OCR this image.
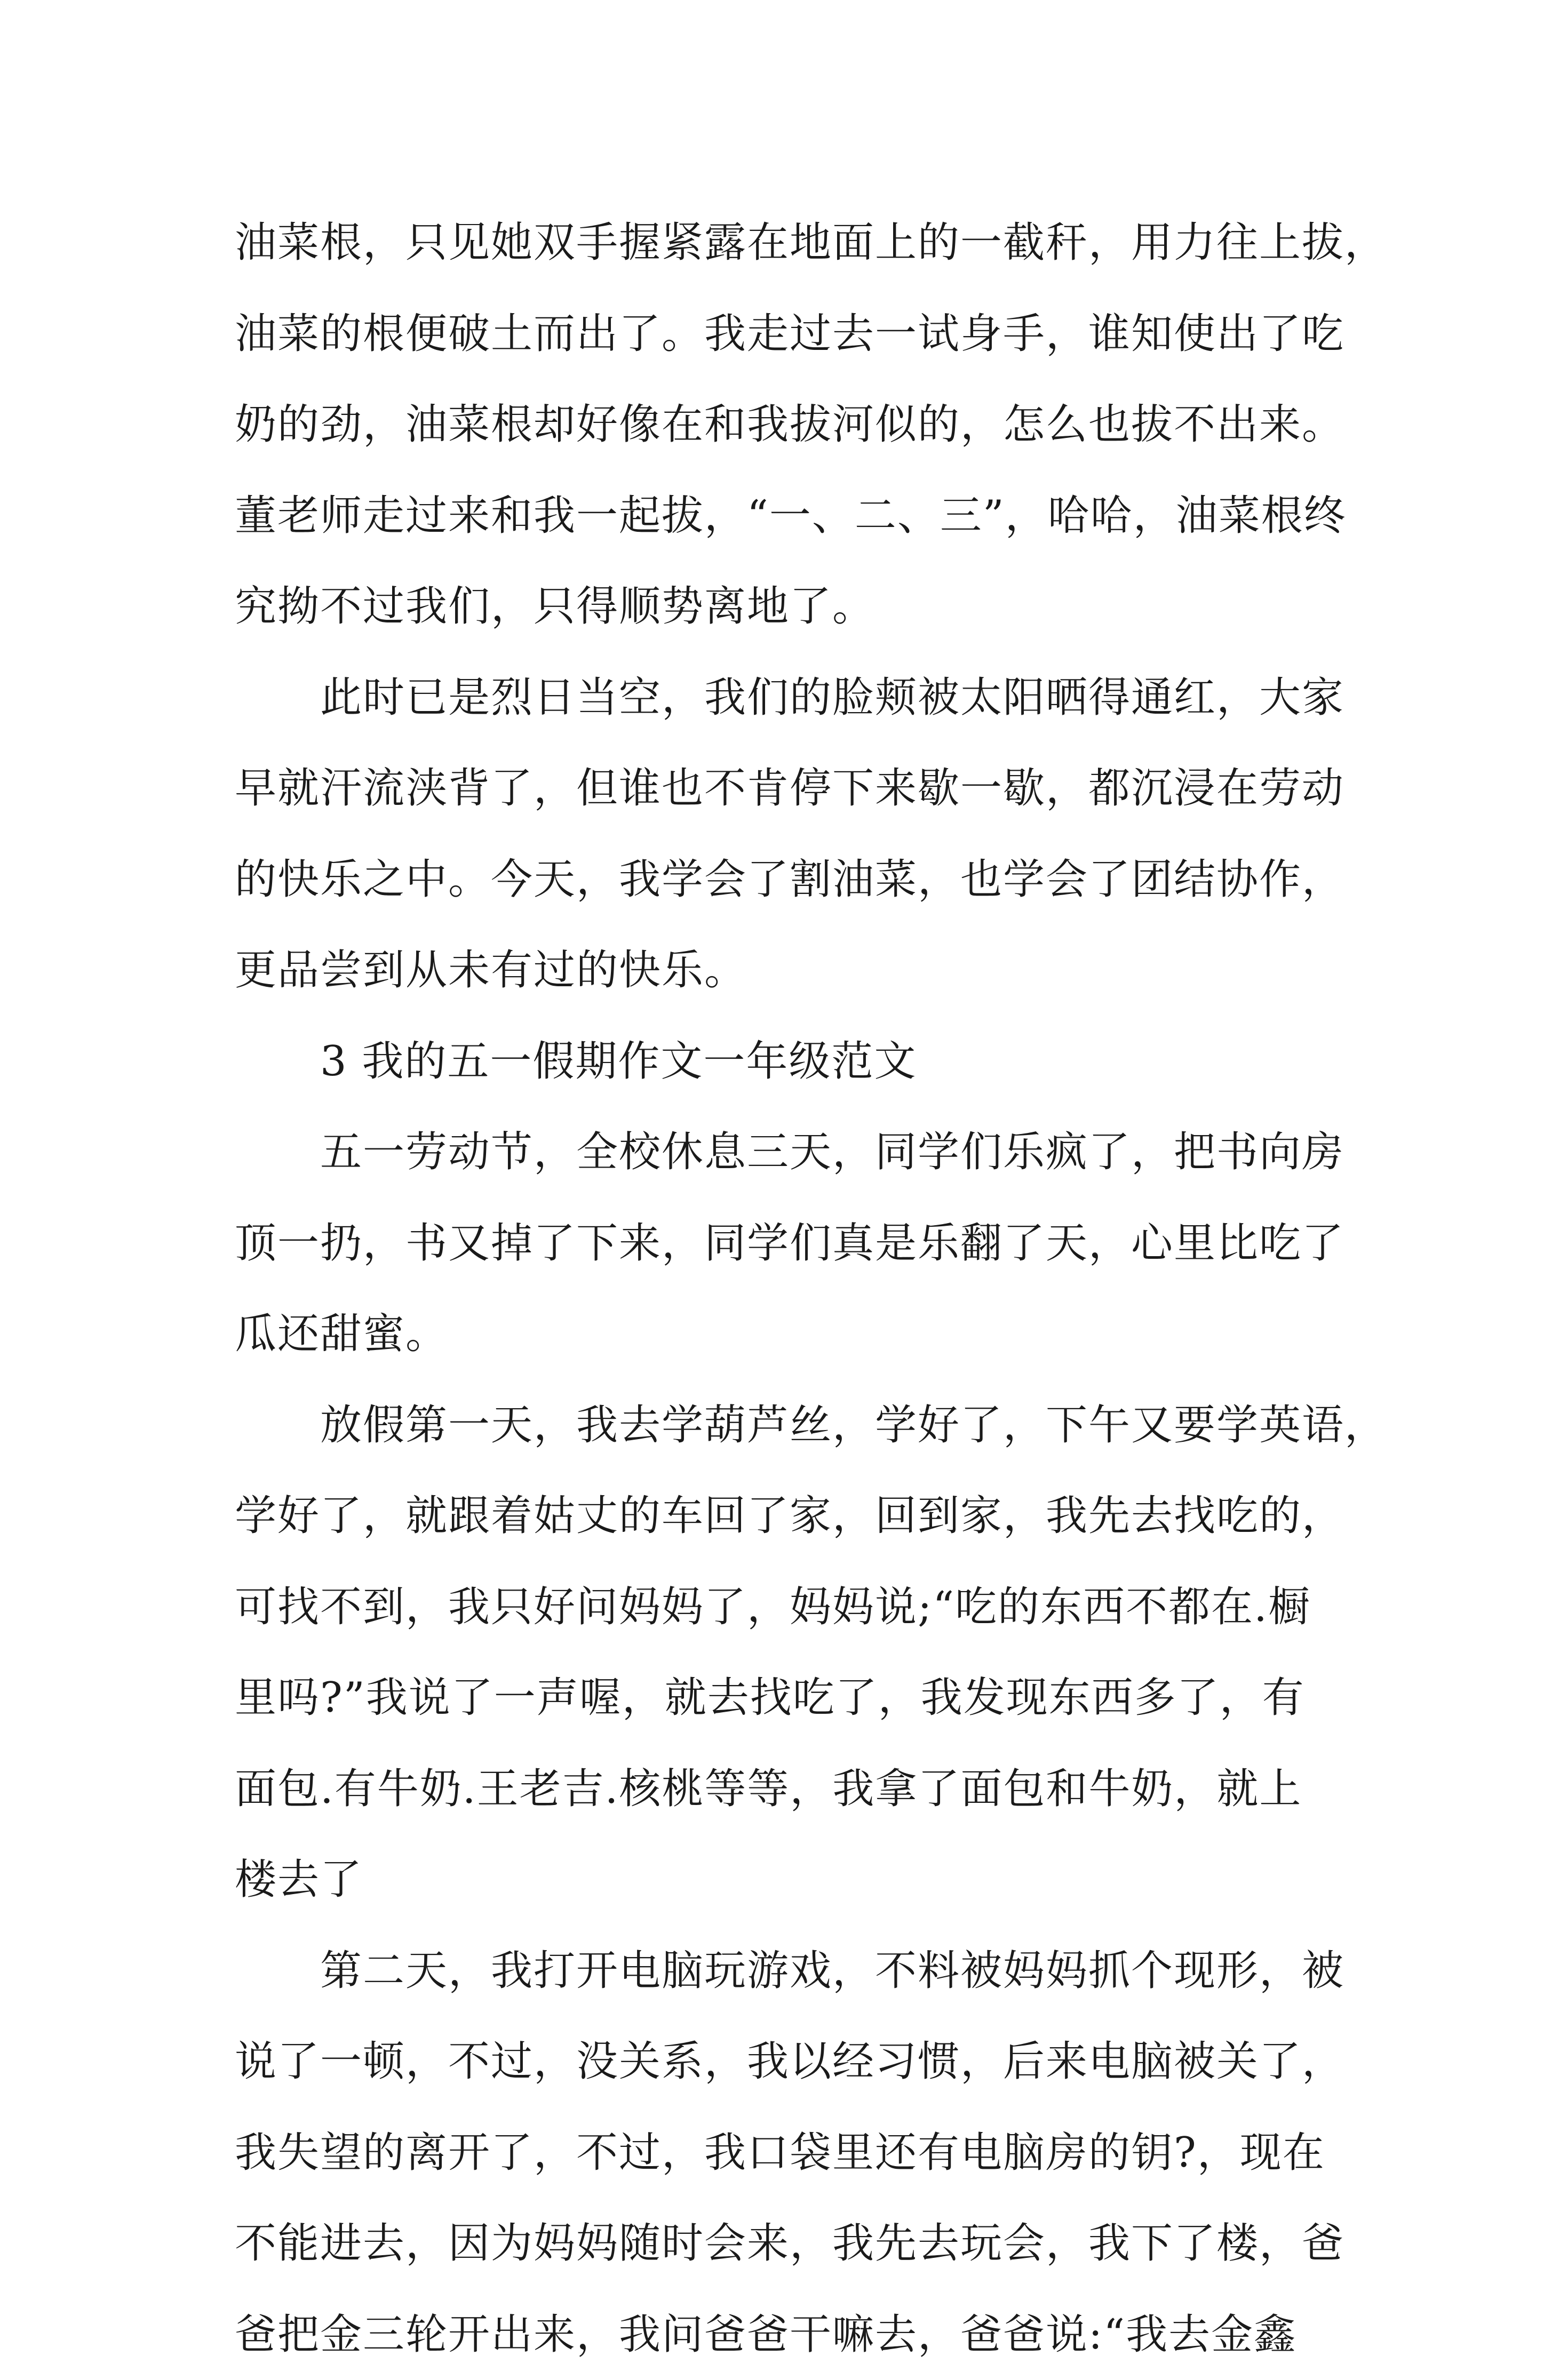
油菜根，只见她双手握紧露在地面上的一截秆，用力往上拔，
油菜的根便破土而出了。我走过去一试身手，谁知使出了吃
奶的劲，油菜根却好像在和我拔河似的，怎么也拔不出来。
董老师走过来和我一起拔，“一、二、三”，哈哈，油菜根终
究拗不过我们，只得顺势离地了。
此时已是烈日当空，我们的脸颊被太阳晒得通红，大家
早就汗流浃背了，但谁也不肯停下来歇一歇，都沉浸在劳动
的快乐之中。今天，我学会了割油菜，也学会了团结协作，
更品尝到从未有过的快乐。
3 我的五一假期作文一年级范文
五一劳动节，全校休息三天，同学们乐疯了，把书向房
顶一扔，书又掉了下来，同学们真是乐翻了天，心里比吃了
瓜还甜蜜。
放假第一天，我去学葫芦丝，学好了，下午又要学英语，
学好了，就跟着姑丈的车回了家，回到家，我先去找吃的，
可找不到，我只好问妈妈了，妈妈说;“吃的东西不都在.橱
里吗?”我说了一声喔，就去找吃了，我发现东西多了，有
面包.有牛奶.王老吉.核桃等等，我拿了面包和牛奶，就上
楼去了
第二天，我打开电脑玩游戏，不料被妈妈抓个现形，被
说了一顿，不过，没关系，我以经习惯，后来电脑被关了，
我失望的离开了，不过，我口袋里还有电脑房的钥?，现在
不能进去，因为妈妈随时会来，我先去玩会，我下了楼，爸
爸把金三轮开出来，我问爸爸干嘛去，爸爸说:“我去金鑫
